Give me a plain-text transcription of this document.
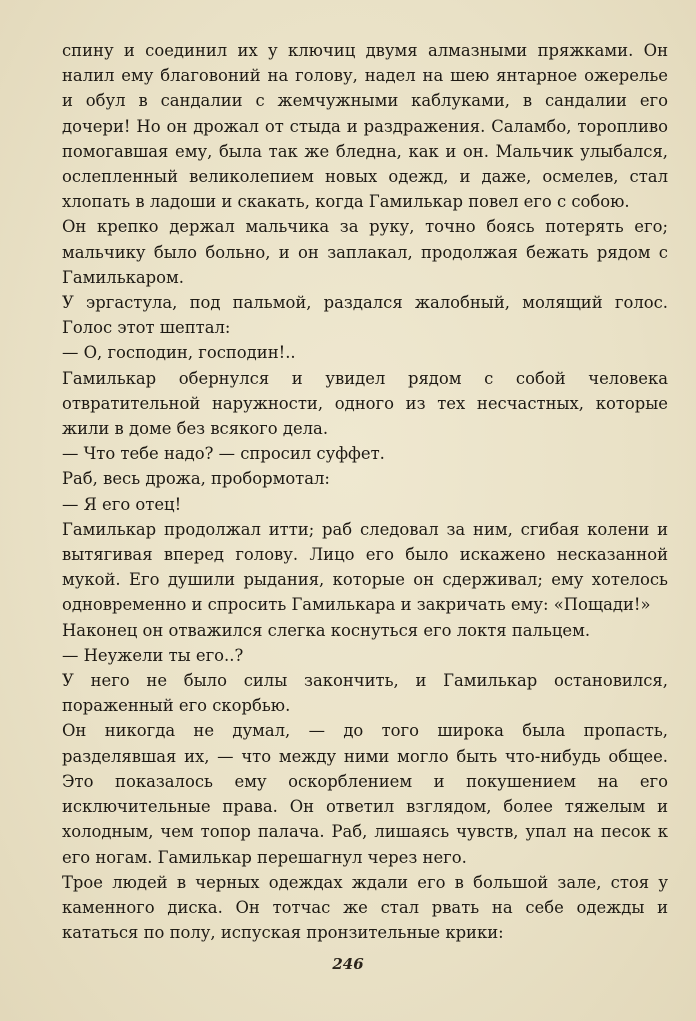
спину и соединил их у ключиц двумя алмазными пряжками. Он налил ему благовоний на голову, надел на шею янтарное ожерелье и обул в сандалии с жемчужными каблуками, в сандалии его дочери! Но он дрожал от стыда и раздражения. Саламбо, торопливо помогавшая ему, была так же бледна, как и он. Мальчик улыбался, ослепленный великолепием новых одежд, и даже, осмелев, стал хлопать в ладоши и скакать, когда Гамилькар повел его с собою.

Он крепко держал мальчика за руку, точно боясь потерять его; мальчику было больно, и он заплакал, продолжая бежать рядом с Гамилькаром.

У эргастула, под пальмой, раздался жалобный, молящий голос. Голос этот шептал:

— О, господин, господин!..

Гамилькар обернулся и увидел рядом с собой человека отвратительной наружности, одного из тех несчастных, которые жили в доме без всякого дела.

— Что тебе надо? — спросил суффет.

Раб, весь дрожа, пробормотал:

— Я его отец!

Гамилькар продолжал итти; раб следовал за ним, сгибая колени и вытягивая вперед голову. Лицо его было искажено несказанной мукой. Его душили рыдания, которые он сдерживал; ему хотелось одновременно и спросить Гамилькара и закричать ему: «Пощади!»

Наконец он отважился слегка коснуться его локтя пальцем.

— Неужели ты его..?

У него не было силы закончить, и Гамилькар остановился, пораженный его скорбью.

Он никогда не думал, — до того широка была пропасть, разделявшая их, — что между ними могло быть что-нибудь общее. Это показалось ему оскорблением и покушением на его исключительные права. Он ответил взглядом, более тяжелым и холодным, чем топор палача. Раб, лишаясь чувств, упал на песок к его ногам. Гамилькар перешагнул через него.

Трое людей в черных одеждах ждали его в большой зале, стоя у каменного диска. Он тотчас же стал рвать на себе одежды и кататься по полу, испуская пронзительные крики:

246
